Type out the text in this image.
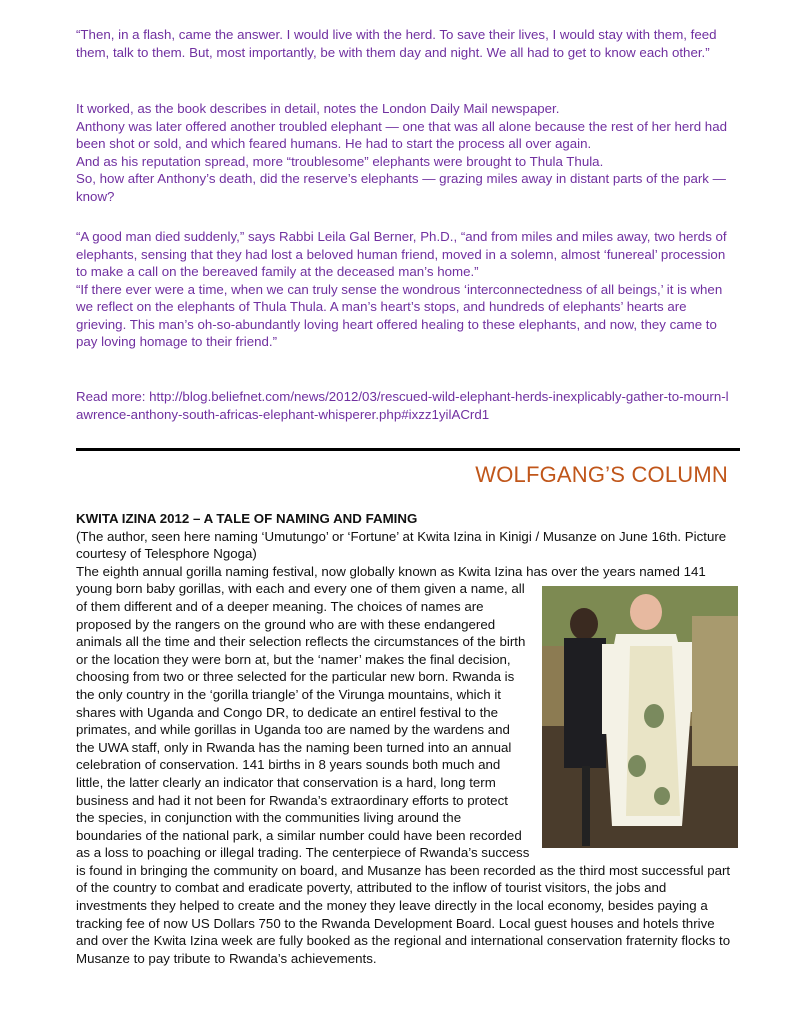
“Then, in a flash, came the answer. I would live with the herd. To save their lives, I would stay with them, feed them, talk to them. But, most importantly, be with them day and night. We all had to get to know each other.”

It worked, as the book describes in detail, notes the London Daily Mail newspaper.

Anthony was later offered another troubled elephant — one that was all alone because the rest of her herd had been shot or sold, and which feared humans. He had to start the process all over again.

And as his reputation spread, more “troublesome” elephants were brought to Thula Thula.

So, how after Anthony’s death, did the reserve’s elephants — grazing miles away in distant parts of the park — know?

“A good man died suddenly,” says Rabbi Leila Gal Berner, Ph.D., “and from miles and miles away, two herds of elephants, sensing that they had lost a beloved human friend, moved in a solemn, almost ‘funereal’ procession to make a call on the bereaved family at the deceased man’s home.”

“If there ever were a time, when we can truly sense the wondrous ‘interconnectedness of all beings,’ it is when we reflect on the elephants of Thula Thula. A man’s heart’s stops, and hundreds of elephants’ hearts are grieving. This man’s oh-so-abundantly loving heart offered healing to these elephants, and now, they came to pay loving homage to their friend.”

Read more: http://blog.beliefnet.com/news/2012/03/rescued-wild-elephant-herds-inexplicably-gather-to-mourn-lawrence-anthony-south-africas-elephant-whisperer.php#ixzz1yilACrd1

WOLFGANG’S COLUMN

KWITA IZINA 2012 – A TALE OF NAMING AND FAMING

(The author, seen here naming ‘Umutungo’ or ‘Fortune’ at Kwita Izina in Kinigi / Musanze on June 16th. Picture courtesy of Telesphore Ngoga)

The eighth annual gorilla naming festival, now globally known as Kwita Izina has over the years named 141

young born baby gorillas, with each and every one of them given a name, all of them different and of a deeper meaning. The choices of names are proposed by the rangers on the ground who are with these endangered animals all the time and their selection reflects the circumstances of the birth or the location they were born at, but the ‘namer’ makes the final decision, choosing from two or three selected for the particular new born. Rwanda is the only country in the ‘gorilla triangle’ of the Virunga mountains, which it shares with Uganda and Congo DR, to dedicate an entirel festival to the primates, and while gorillas in Uganda too are named by the wardens and the UWA staff, only in Rwanda has the naming been turned into an annual celebration of conservation. 141 births in 8 years sounds both much and little, the latter clearly an indicator that conservation is a hard, long term business and had it not been for Rwanda’s extraordinary efforts to protect the species, in conjunction with the communities living around the boundaries of the national park, a similar number could have been recorded as a loss to poaching or illegal trading. The centerpiece of Rwanda’s success is found in bringing the community on board, and Musanze has been recorded as the third most successful part of the country to combat and eradicate poverty, attributed to the inflow of tourist visitors, the jobs and investments they helped to create and the money they leave directly in the local economy, besides paying a tracking fee of now US Dollars 750 to the Rwanda Development Board. Local guest houses and hotels thrive and over the Kwita Izina week are fully booked as the regional and international conservation fraternity flocks to Musanze to pay tribute to Rwanda’s achievements.
